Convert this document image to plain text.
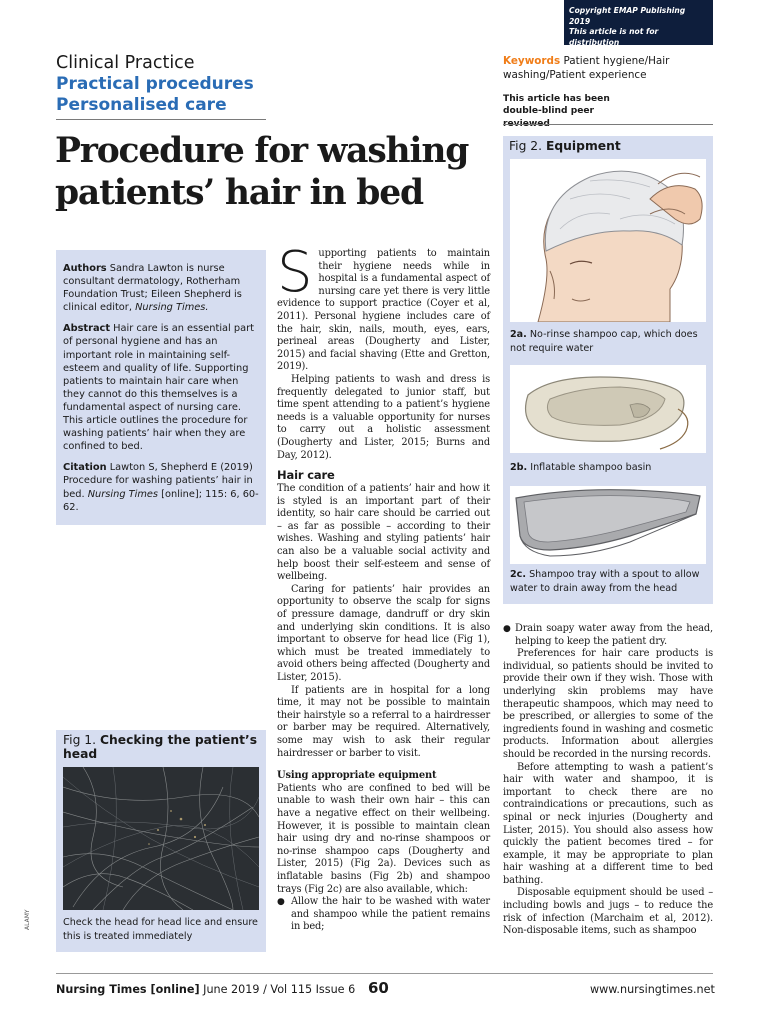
Copyright EMAP Publishing 2019
This article is not for distribution
except for journal club use
Clinical Practice
Practical procedures
Personalised care
Keywords Patient hygiene/Hair washing/Patient experience
This article has been double-blind peer
Procedure for washing patients’ hair in bed

Authors Sandra Lawton is nurse consultant dermatology, Rotherham Foundation Trust; Eileen Shepherd is clinical editor, Nursing Times.

Abstract Hair care is an essential part of personal hygiene and has an important role in maintaining self-esteem and quality of life. Supporting patients to maintain hair care when they cannot do this themselves is a fundamental aspect of nursing care. This article outlines the procedure for washing patients’ hair when they are confined to bed.

Citation Lawton S, Shepherd E (2019) Procedure for washing patients’ hair in bed. Nursing Times [online]; 115: 6, 60-62.

Fig 1. Checking the patient’s head
Check the head for head lice and ensure this is treated immediately
ALAMY
S upporting patients to maintain their hygiene needs while in hospital is a fundamental aspect of nursing care yet there is very little evidence to support practice (Coyer et al, 2011). Personal hygiene includes care of the hair, skin, nails, mouth, eyes, ears, perineal areas (Dougherty and Lister, 2015) and facial shaving (Ette and Gretton, 2019).

Helping patients to wash and dress is frequently delegated to junior staff, but time spent attending to a patient’s hygiene needs is a valuable opportunity for nurses to carry out a holistic assessment (Dougherty and Lister, 2015; Burns and Day, 2012).

Hair care

The condition of a patients’ hair and how it is styled is an important part of their identity, so hair care should be carried out – as far as possible – according to their wishes. Washing and styling patients’ hair can also be a valuable social activity and help boost their self-esteem and sense of wellbeing.

Caring for patients’ hair provides an opportunity to observe the scalp for signs of pressure damage, dandruff or dry skin and underlying skin conditions. It is also important to observe for head lice (Fig 1), which must be treated immediately to avoid others being affected (Dougherty and Lister, 2015).

If patients are in hospital for a long time, it may not be possible to maintain their hairstyle so a referral to a hairdresser or barber may be required. Alternatively, some may wish to ask their regular hairdresser or barber to visit.

Using appropriate equipment

Patients who are confined to bed will be unable to wash their own hair – this can have a negative effect on their wellbeing. However, it is possible to maintain clean hair using dry and no-rinse shampoos or no-rinse shampoo caps (Dougherty and Lister, 2015) (Fig 2a). Devices such as inflatable basins (Fig 2b) and shampoo trays (Fig 2c) are also available, which:

● Allow the hair to be washed with water and shampoo while the patient remains in bed;
● Drain soapy water away from the head, helping to keep the patient dry.

Preferences for hair care products is individual, so patients should be invited to provide their own if they wish. Those with underlying skin problems may have therapeutic shampoos, which may need to be prescribed, or allergies to some of the ingredients found in washing and cosmetic products. Information about allergies should be recorded in the nursing records.

Before attempting to wash a patient’s hair with water and shampoo, it is important to check there are no contraindications or precautions, such as spinal or neck injuries (Dougherty and Lister, 2015). You should also assess how quickly the patient becomes tired – for example, it may be appropriate to plan hair washing at a different time to bed bathing.

Disposable equipment should be used – including bowls and jugs – to reduce the risk of infection (Marchaim et al, 2012). Non-disposable items, such as shampoo

Fig 2. Equipment
2a. No-rinse shampoo cap, which does not require water
2b. Inflatable shampoo basin
2c. Shampoo tray with a spout to allow water to drain away from the head
Nursing Times [online] June 2019 / Vol 115 Issue 6 60	www.nursingtimes.net
